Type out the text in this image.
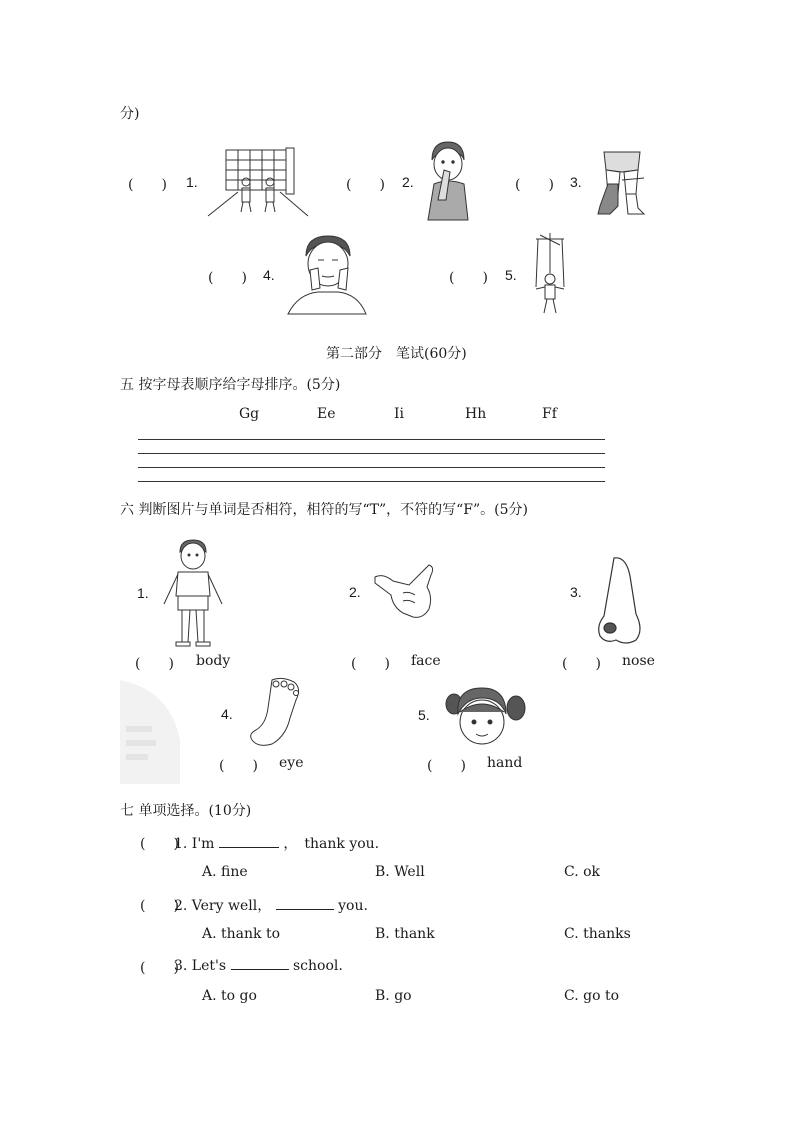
分)
(　　) 1.	(　　) 2.	(　　) 3.
(　　) 4.	(　　) 5.
第二部分　笔试(60分)
五 按字母表顺序给字母排序。(5分)
Gg	Ee	Ii	Hh	Ff
六 判断图片与单词是否相符，相符的写“T”，不符的写“F”。(5分)
1.
(　　) body
2.
(　　) face
3.
(　　) nose
4.
(　　) eye
5.
(　　) hand
七 单项选择。(10分)
(　　)
1. I'm	，　thank you.
A. fine	B. Well	C. ok
(　　)
2. Very well，	you.
A. thank to	B. thank	C. thanks
(　　)
3. Let's	school.
A. to go	B. go	C. go to
